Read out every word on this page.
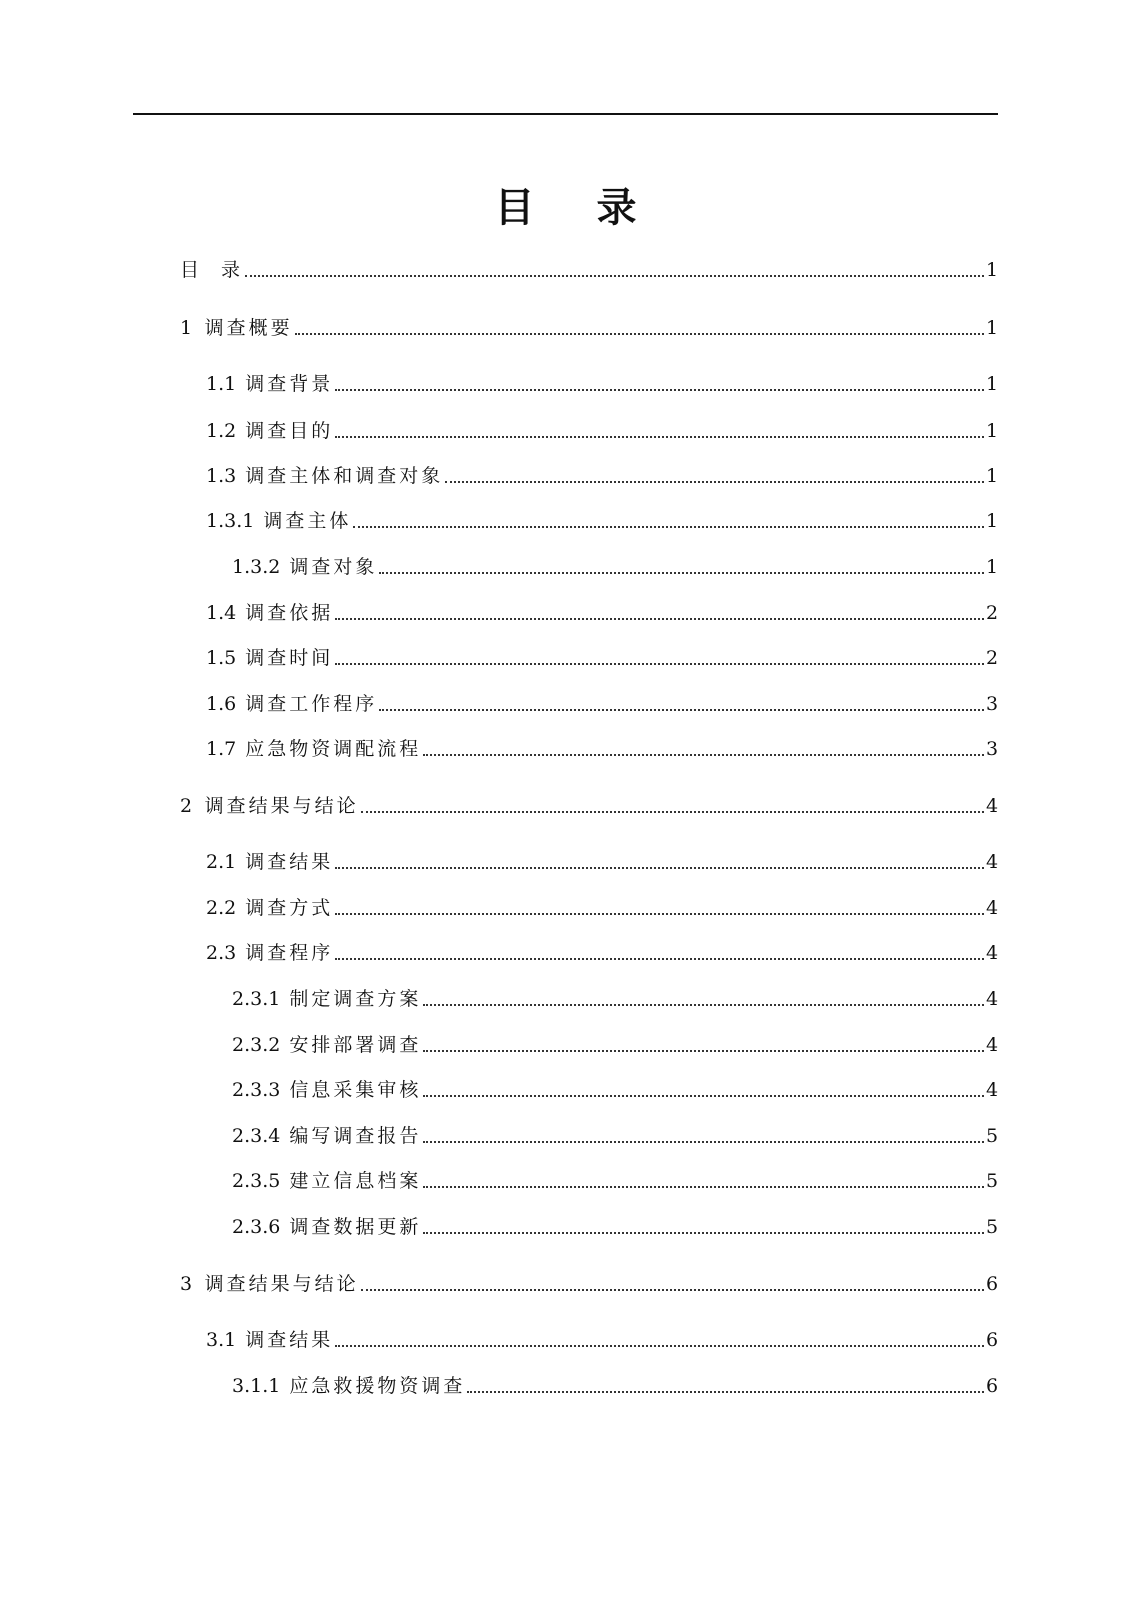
目 录
目  录	1
1  调查概要	1
1.1 调查背景	1
1.2 调查目的	1
1.3 调查主体和调查对象	1
1.3.1 调查主体	1
1.3.2 调查对象	1
1.4 调查依据	2
1.5 调查时间	2
1.6 调查工作程序	3
1.7 应急物资调配流程	3
2  调查结果与结论	4
2.1 调查结果	4
2.2 调查方式	4
2.3 调查程序	4
2.3.1 制定调查方案	4
2.3.2 安排部署调查	4
2.3.3 信息采集审核	4
2.3.4 编写调查报告	5
2.3.5 建立信息档案	5
2.3.6 调查数据更新	5
3  调查结果与结论	6
3.1 调查结果	6
3.1.1 应急救援物资调查	6
